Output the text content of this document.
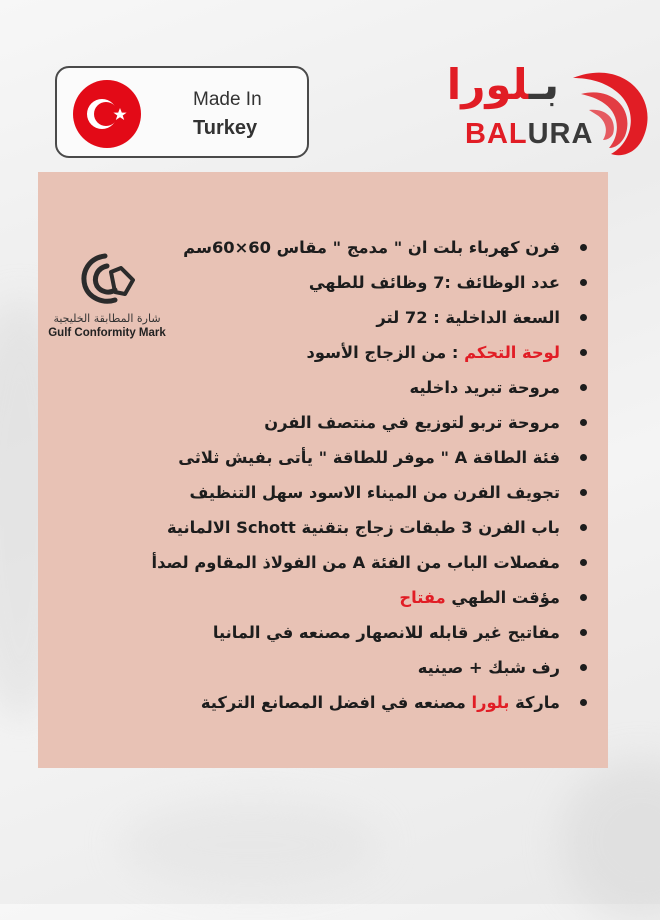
Made In
Turkey
بـلورا
BALURA
فرن كهرباء بلت ان " مدمج " مقاس 60×60سم
عدد الوظائف :7 وظائف للطهي
السعة الداخلية : 72 لتر
لوحة التحكم : من الزجاج الأسود
مروحة تبريد داخليه
مروحة تربو لتوزيع في منتصف الفرن
فئة الطاقة A " موفر للطاقة " يأتى بفيش ثلاثى
تجويف الفرن من الميناء الاسود سهل التنظيف
باب الفرن 3 طبقات زجاج بتقنية Schott الالمانية
مفصلات الباب من الفئة A من الفولاذ المقاوم لصدأ
مؤقت الطهي مفتاح
مفاتيح غير قابله للانصهار مصنعه في المانيا
رف شبك + صينيه
ماركة بلورا مصنعه في افضل المصانع التركية
شارة المطابقة الخليجية
Gulf Conformity Mark
